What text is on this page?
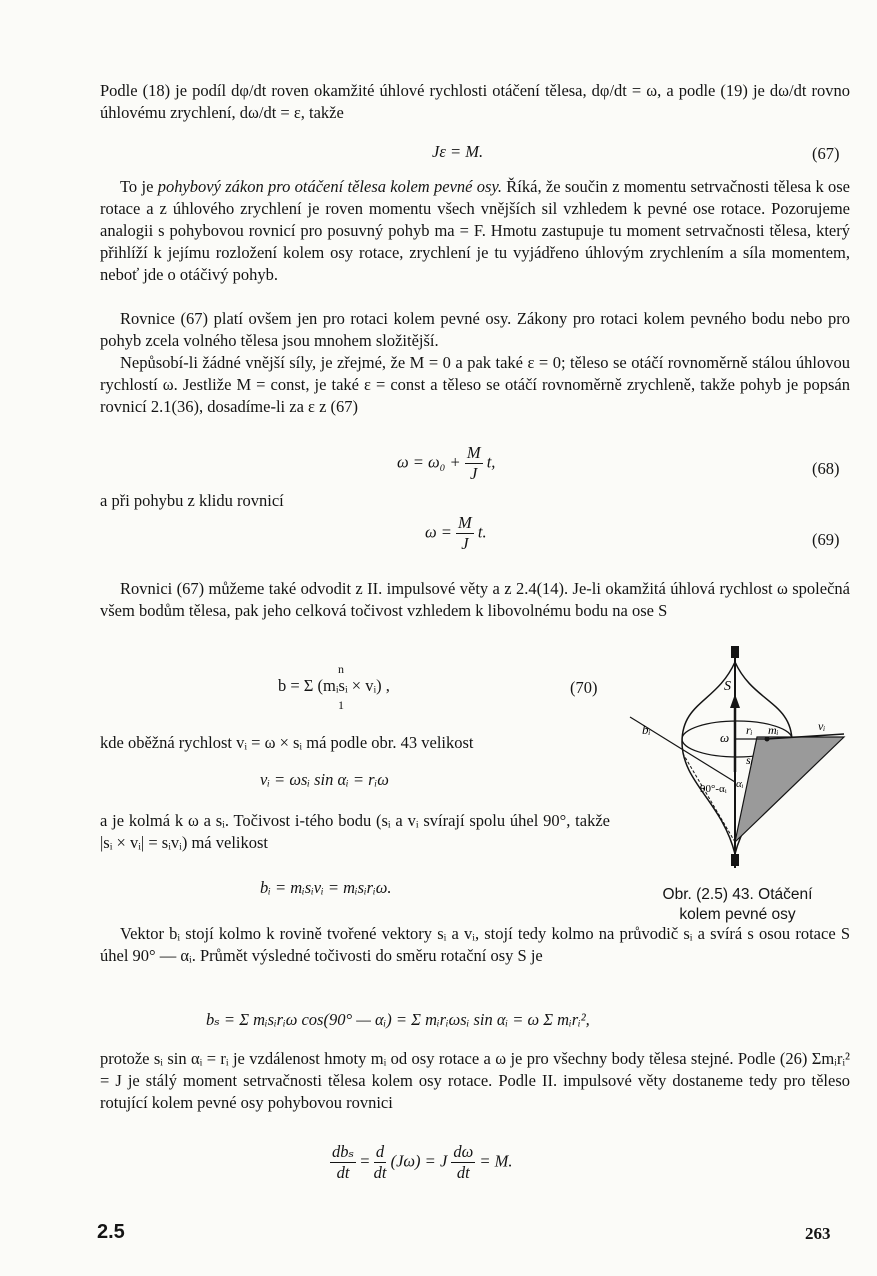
Podle (18) je podíl dφ/dt roven okamžité úhlové rychlosti otáčení tělesa, dφ/dt = ω, a podle (19) je dω/dt rovno úhlovému zrychlení, dω/dt = ε, takže

Jε = M.	(67)

To je pohybový zákon pro otáčení tělesa kolem pevné osy. Říká, že součin z momentu setrvačnosti tělesa k ose rotace a z úhlového zrychlení je roven momentu všech vnějších sil vzhledem k pevné ose rotace. Pozorujeme analogii s pohybovou rovnicí pro posuvný pohyb ma = F. Hmotu zastupuje tu moment setrvačnosti tělesa, který přihlíží k jejímu rozložení kolem osy rotace, zrychlení je tu vyjádřeno úhlovým zrychlením a síla momentem, neboť jde o otáčivý pohyb.

Rovnice (67) platí ovšem jen pro rotaci kolem pevné osy. Zákony pro rotaci kolem pevného bodu nebo pro pohyb zcela volného tělesa jsou mnohem složitější.

Nepůsobí-li žádné vnější síly, je zřejmé, že M = 0 a pak také ε = 0; těleso se otáčí rovnoměrně stálou úhlovou rychlostí ω. Jestliže M = const, je také ε = const a těleso se otáčí rovnoměrně zrychleně, takže pohyb je popsán rovnicí 2.1(36), dosadíme-li za ε z (67)

$\omega = \omega_0 + \frac{M}{J} t$,	(68)

a při pohybu z klidu rovnicí

$\omega = \frac{M}{J} t$.	(69)

Rovnici (67) můžeme také odvodit z II. impulsové věty a z 2.4(14). Je-li okamžitá úhlová rychlost ω společná všem bodům tělesa, pak jeho celková točivost vzhledem k libovolnému bodu na ose S

n
1
b = Σ (mᵢsᵢ × vᵢ) ,	(70)

kde oběžná rychlost vᵢ = ω × sᵢ má podle obr. 43 velikost

vᵢ = ωsᵢ sin αᵢ = rᵢω

a je kolmá k ω a sᵢ. Točivost i-tého bodu (sᵢ a vᵢ svírají spolu úhel 90°, takže |sᵢ × vᵢ| = sᵢvᵢ) má velikost

bᵢ = mᵢsᵢvᵢ = mᵢsᵢrᵢω.

Vektor bᵢ stojí kolmo k rovině tvořené vektory sᵢ a vᵢ, stojí tedy kolmo na průvodič sᵢ a svírá s osou rotace S úhel 90° — αᵢ. Průmět výsledné točivosti do směru rotační osy S je

bₛ = Σ mᵢsᵢrᵢω cos(90° — αᵢ) = Σ mᵢrᵢωsᵢ sin αᵢ = ω Σ mᵢrᵢ²,

protože sᵢ sin αᵢ = rᵢ je vzdálenost hmoty mᵢ od osy rotace a ω je pro všechny body tělesa stejné. Podle (26) Σmᵢrᵢ² = J je stálý moment setrvačnosti tělesa kolem osy rotace. Podle II. impulsové věty dostaneme tedy pro těleso rotující kolem pevné osy pohybovou rovnici

$\frac{\text{dbₛ}}{dt} = \frac{d}{dt} (J\omega) = J \frac{d\omega}{dt} = M$.
S
bᵢ
ω rᵢ mᵢ	vᵢ
sᵢ
90°-αᵢ αᵢ
Obr. (2.5) 43. Otáčení
kolem pevné osy
2.5	263
